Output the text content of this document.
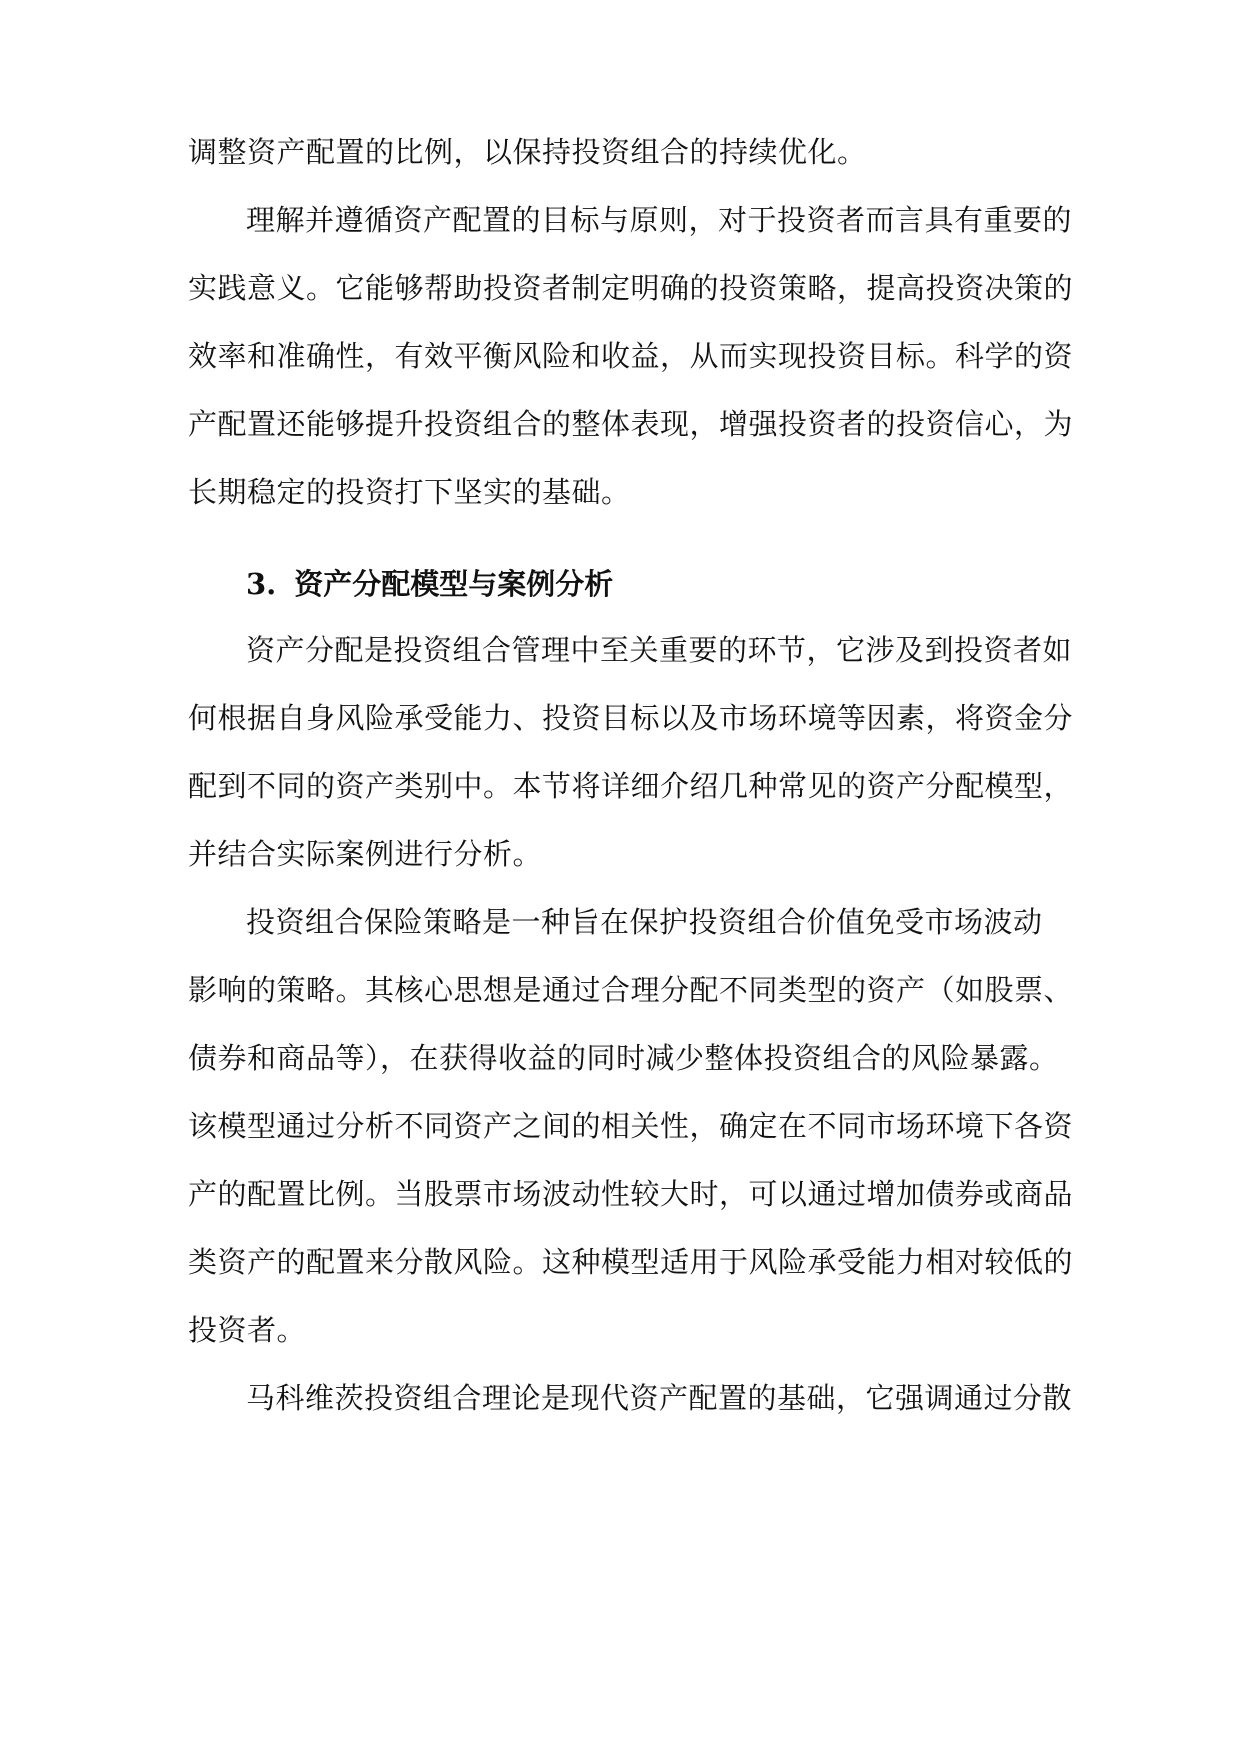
调整资产配置的比例，以保持投资组合的持续优化。
理解并遵循资产配置的目标与原则，对于投资者而言具有重要的
实践意义。它能够帮助投资者制定明确的投资策略，提高投资决策的
效率和准确性，有效平衡风险和收益，从而实现投资目标。科学的资
产配置还能够提升投资组合的整体表现，增强投资者的投资信心，为
长期稳定的投资打下坚实的基础。
3. 资产分配模型与案例分析
资产分配是投资组合管理中至关重要的环节，它涉及到投资者如
何根据自身风险承受能力、投资目标以及市场环境等因素，将资金分
配到不同的资产类别中。本节将详细介绍几种常见的资产分配模型，
并结合实际案例进行分析。
投资组合保险策略是一种旨在保护投资组合价值免受市场波动
影响的策略。其核心思想是通过合理分配不同类型的资产（如股票、
债券和商品等），在获得收益的同时减少整体投资组合的风险暴露。
该模型通过分析不同资产之间的相关性，确定在不同市场环境下各资
产的配置比例。当股票市场波动性较大时，可以通过增加债券或商品
类资产的配置来分散风险。这种模型适用于风险承受能力相对较低的
投资者。
马科维茨投资组合理论是现代资产配置的基础，它强调通过分散
